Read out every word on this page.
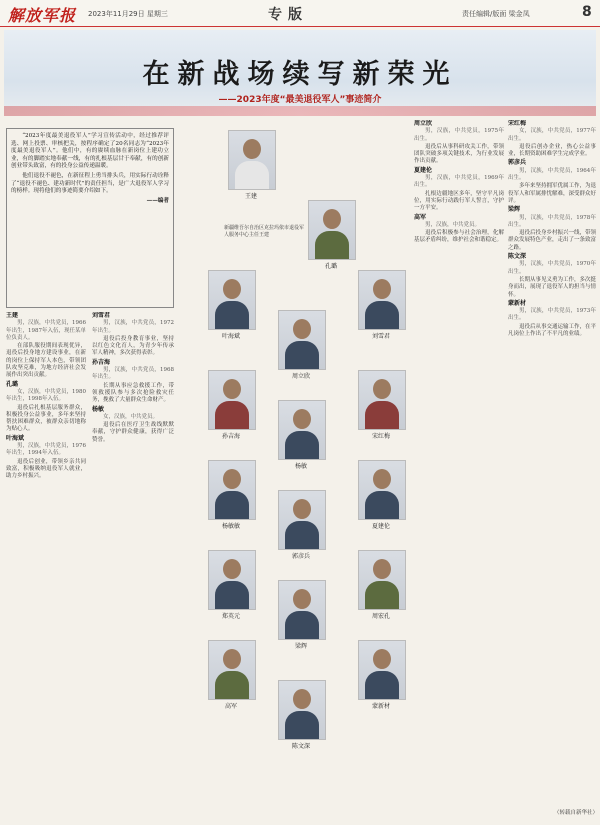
解放军报 2023年11月29日 星期三	专版	责任编辑/版面 梁金凤	8
在新战场续写新荣光
——2023年度“最美退役军人”事迹简介

“2023年度最美退役军人”学习宣传活动中，经过推荐评选、网上投票、审核把关，按程序确定了20名同志为“2023年度最美退役军人”。他们中，有的赓续血脉在新岗位上建功立业，有的脚踏实地奉献一线，有的扎根基层甘于奉献，有的创新创业带头致富，有的投身公益传递温暖。

他们退役不褪色，在新征程上勇当排头兵，用实际行动诠释了“退役不褪色、建功新时代”的责任担当，是广大退役军人学习的榜样。现将他们的事迹简要介绍如下。

——编者

王建

男，汉族，中共党员，1966年出生，1987年入伍，现任某单位负责人。

在部队服役期间表现优异，退役后投身地方建设事业，在新的岗位上保持军人本色，带领团队攻坚克难，为地方经济社会发展作出突出贡献。

孔璐

女，汉族，中共党员，1980年出生，1998年入伍。

退役后扎根基层服务群众，积极投身公益事业，多年来坚持帮扶困难群众，被群众亲切地称为贴心人。

叶海斌

男，汉族，中共党员，1976年出生，1994年入伍。

退役后创业，带领乡亲共同致富，积极吸纳退役军人就业，助力乡村振兴。

刘雪君

男，汉族，中共党员，1972年出生。

退役后投身教育事业，坚持以红色文化育人，为青少年传承军人精神，多次获得表彰。

孙吉海

男，汉族，中共党员，1968年出生。

长期从事应急救援工作，带领救援队参与多次抢险救灾任务，挽救了大量群众生命财产。

杨敏

女，汉族，中共党员。

退役后在医疗卫生战线默默奉献，守护群众健康，获得广泛赞誉。

新疆维吾尔自治区克拉玛依市退役军人服务中心主任王建
王建
孔璐
叶海斌
周立欣
刘雪君
孙吉海
杨敏
宋红梅
杨敏敏
郭彦兵
夏建伦
郑英元
梁辉
周宏孔
高军
陈文深
蒙新材

周立欣

男，汉族，中共党员，1975年出生。

退役后从事科研攻关工作，带领团队突破多项关键技术，为行业发展作出贡献。

夏建伦

男，汉族，中共党员，1969年出生。

扎根边疆地区多年，坚守平凡岗位，用实际行动践行军人誓言，守护一方平安。

高军

男，汉族，中共党员。

退役后积极参与社会治理，化解基层矛盾纠纷，维护社会和谐稳定。

宋红梅

女，汉族，中共党员，1977年出生。

退役后创办企业，热心公益事业，长期资助困难学生完成学业。

郭彦兵

男，汉族，中共党员，1964年出生。

多年来坚持拥军优属工作，为退役军人和军属排忧解难，深受群众好评。

梁辉

男，汉族，中共党员，1978年出生。

退役后投身乡村振兴一线，带领群众发展特色产业，走出了一条致富之路。

陈文深

男，汉族，中共党员，1970年出生。

长期从事见义勇为工作，多次挺身而出，展现了退役军人的担当与情怀。

蒙新材

男，汉族，中共党员，1973年出生。

退役后从事交通运输工作，在平凡岗位上作出了不平凡的业绩。

（转载自新华社）
